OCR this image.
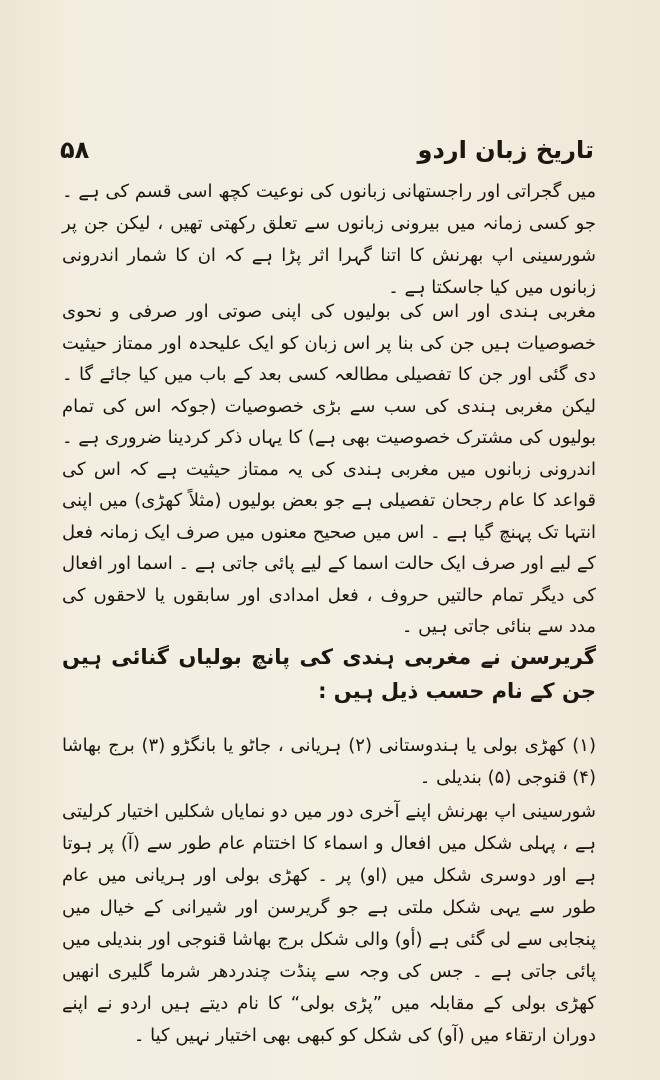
۵۸	تاریخ زبان اردو

میں گجراتی اور راجستھانی زبانوں کی نوعیت کچھ اسی قسم کی ہے ۔ جو کسی زمانہ میں بیرونی زبانوں سے تعلق رکھتی تھیں ، لیکن جن پر شورسینی اپ بھرنش کا اتنا گہرا اثر پڑا ہے کہ ان کا شمار اندرونی زبانوں میں کیا جاسکتا ہے ۔

مغربی ہندی اور اس کی بولیوں کی اپنی صوتی اور صرفی و نحوی خصوصیات ہیں جن کی بنا پر اس زبان کو ایک علیحدہ اور ممتاز حیثیت دی گئی اور جن کا تفصیلی مطالعہ کسی بعد کے باب میں کیا جائے گا ۔ لیکن مغربی ہندی کی سب سے بڑی خصوصیات (جوکہ اس کی تمام بولیوں کی مشترک خصوصیت بھی ہے) کا یہاں ذکر کردینا ضروری ہے ۔ اندرونی زبانوں میں مغربی ہندی کی یہ ممتاز حیثیت ہے کہ اس کی قواعد کا عام رجحان تفصیلی ہے جو بعض بولیوں (مثلاً کھڑی) میں اپنی انتہا تک پہنچ گیا ہے ۔ اس میں صحیح معنوں میں صرف ایک زمانہ فعل کے لیے اور صرف ایک حالت اسما کے لیے پائی جاتی ہے ۔ اسما اور افعال کی دیگر تمام حالتیں حروف ، فعل امدادی اور سابقوں یا لاحقوں کی مدد سے بنائی جاتی ہیں ۔

گریرسن نے مغربی ہندی کی پانچ بولیاں گنائی ہیں جن کے نام حسب ذیل ہیں :

(۱) کھڑی بولی یا ہندوستانی (۲) ہریانی ، جاٹو یا بانگڑو (۳) برج بھاشا (۴) قنوجی (۵) بندیلی ۔

شورسینی اپ بھرنش اپنے آخری دور میں دو نمایاں شکلیں اختیار کرلیتی ہے ، پہلی شکل میں افعال و اسماء کا اختتام عام طور سے (آ) پر ہوتا ہے اور دوسری شکل میں (او) پر ۔ کھڑی بولی اور ہریانی میں عام طور سے یہی شکل ملتی ہے جو گریرسن اور شیرانی کے خیال میں پنجابی سے لی گئی ہے (أو) والی شکل برج بھاشا قنوجی اور بندیلی میں پائی جاتی ہے ۔ جس کی وجہ سے پنڈت چندردھر شرما گلیری انھیں کھڑی بولی کے مقابلہ میں ”پڑی بولی“ کا نام دیتے ہیں اردو نے اپنے دوران ارتقاء میں (آو) کی شکل کو کبھی بھی اختیار نہیں کیا ۔
